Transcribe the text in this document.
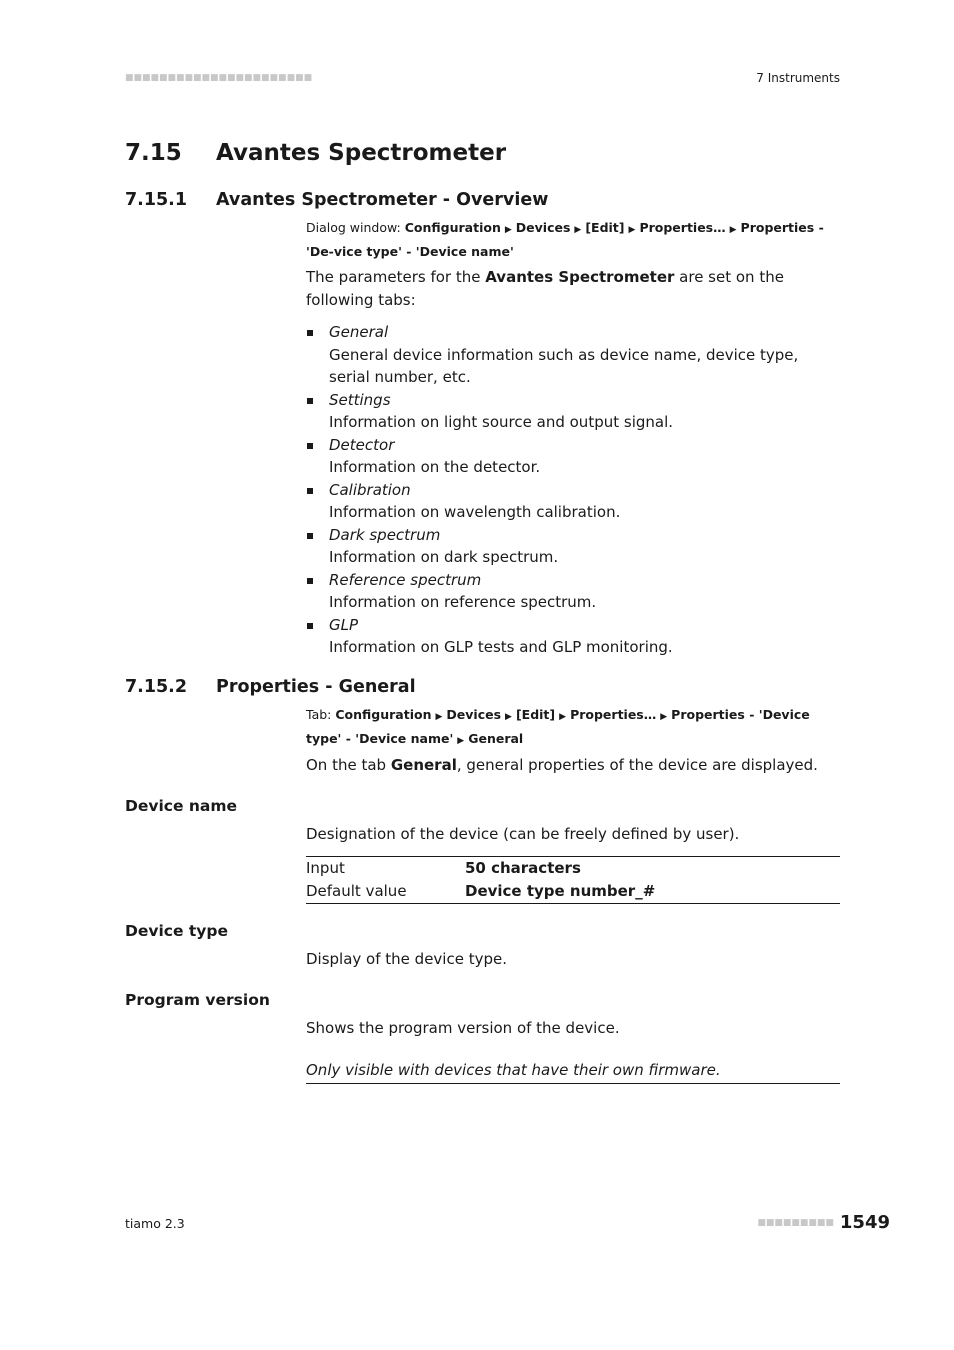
■■■■■■■■■■■■■■■■■■■■■■	7 Instruments
7.15 Avantes Spectrometer
7.15.1 Avantes Spectrometer - Overview
Dialog window: Configuration ▶ Devices ▶ [Edit] ▶ Properties… ▶ Properties - 'De-vice type' - 'Device name'
The parameters for the Avantes Spectrometer are set on the following tabs:
General
General device information such as device name, device type, serial number, etc.
Settings
Information on light source and output signal.
Detector
Information on the detector.
Calibration
Information on wavelength calibration.
Dark spectrum
Information on dark spectrum.
Reference spectrum
Information on reference spectrum.
GLP
Information on GLP tests and GLP monitoring.
7.15.2 Properties - General
Tab: Configuration ▶ Devices ▶ [Edit] ▶ Properties… ▶ Properties - 'Device type' - 'Device name' ▶ General
On the tab General, general properties of the device are displayed.
Device name
Designation of the device (can be freely defined by user).
Input	50 characters
Default value	Device type number_#
Device type
Display of the device type.
Program version
Shows the program version of the device.
Only visible with devices that have their own firmware.
tiamo 2.3	■■■■■■■■■ 1549
